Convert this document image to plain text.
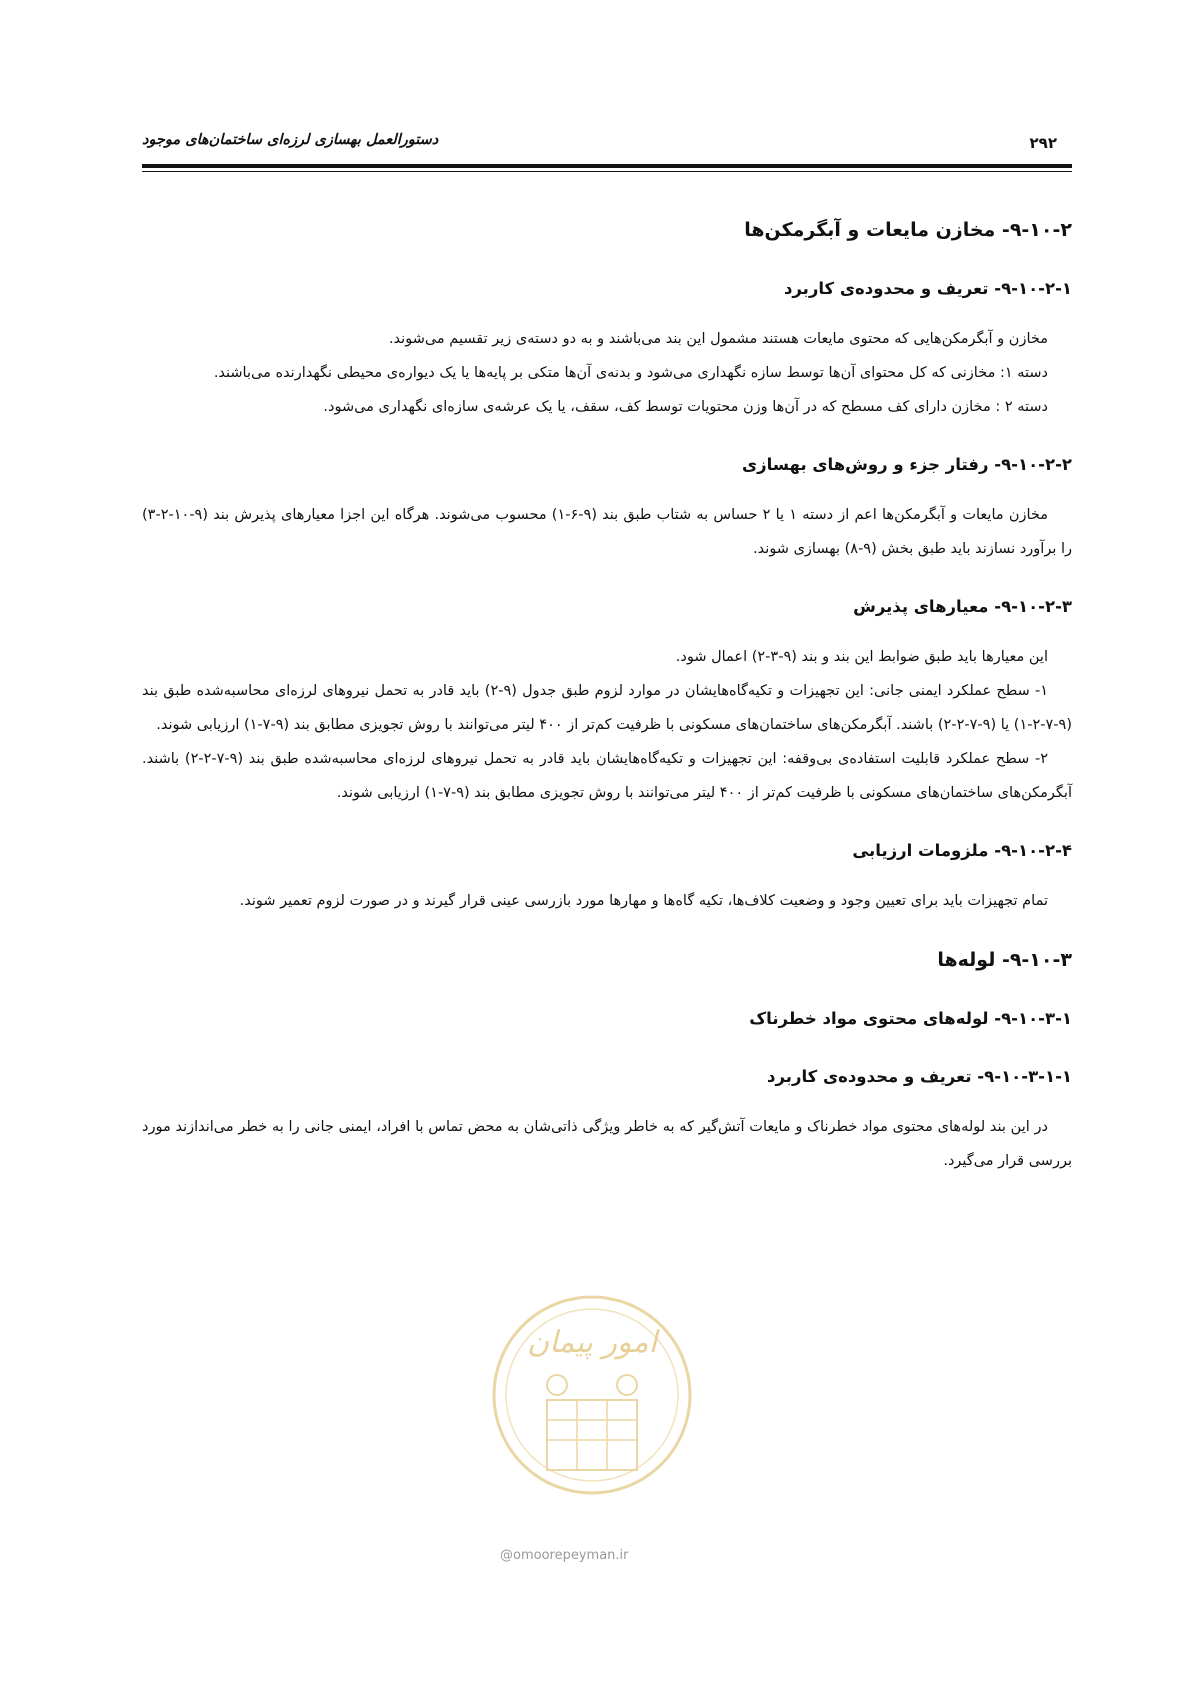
دستورالعمل بهسازی لرزه‌ای ساختمان‌های موجود	۲۹۲
۹-۱۰-۲- مخازن مایعات و آبگرمکن‌ها
۹-۱۰-۲-۱- تعریف و محدوده‌ی کاربرد

مخازن و آبگرمکن‌هایی که محتوی مایعات هستند مشمول این بند می‌باشند و به دو دسته‌ی زیر تقسیم می‌شوند.

دسته ۱: مخازنی که کل محتوای آن‌ها توسط سازه نگهداری می‌شود و بدنه‌ی آن‌ها متکی بر پایه‌ها یا یک دیواره‌ی محیطی نگهدارنده می‌باشند.

دسته ۲ : مخازن دارای کف مسطح که در آن‌ها وزن محتویات توسط کف، سقف، یا یک عرشه‌ی سازه‌ای نگهداری می‌شود.

۹-۱۰-۲-۲- رفتار جزء و روش‌های بهسازی

مخازن مایعات و آبگرمکن‌ها اعم از دسته ۱ یا ۲ حساس به شتاب طبق بند (۹-۶-۱) محسوب می‌شوند. هرگاه این اجزا معیارهای پذیرش بند (۹-۱۰-۲-۳) را برآورد نسازند باید طبق بخش (۹-۸) بهسازی شوند.

۹-۱۰-۲-۳- معیارهای پذیرش

این معیارها باید طبق ضوابط این بند و بند (۹-۳-۲) اعمال شود.

۱- سطح عملکرد ایمنی جانی: این تجهیزات و تکیه‌گاه‌هایشان در موارد لزوم طبق جدول (۹-۲) باید قادر به تحمل نیروهای لرزه‌ای محاسبه‌شده طبق بند (۹-۷-۲-۱) یا (۹-۷-۲-۲) باشند. آبگرمکن‌های ساختمان‌های مسکونی با ظرفیت کم‌تر از ۴۰۰ لیتر می‌توانند با روش تجویزی مطابق بند (۹-۷-۱) ارزیابی شوند.

۲- سطح عملکرد قابلیت استفاده‌ی بی‌وقفه: این تجهیزات و تکیه‌گاه‌هایشان باید قادر به تحمل نیروهای لرزه‌ای محاسبه‌شده طبق بند (۹-۷-۲-۲) باشند. آبگرمکن‌های ساختمان‌های مسکونی با ظرفیت کم‌تر از ۴۰۰ لیتر می‌توانند با روش تجویزی مطابق بند (۹-۷-۱) ارزیابی شوند.

۹-۱۰-۲-۴- ملزومات ارزیابی

تمام تجهیزات باید برای تعیین وجود و وضعیت کلاف‌ها، تکیه گاه‌ها و مهارها مورد بازرسی عینی قرار گیرند و در صورت لزوم تعمیر شوند.

۹-۱۰-۳- لوله‌ها
۹-۱۰-۳-۱- لوله‌های محتوی مواد خطرناک
۹-۱۰-۳-۱-۱- تعریف و محدوده‌ی کاربرد

در این بند لوله‌های محتوی مواد خطرناک و مایعات آتش‌گیر که به خاطر ویژگی ذاتی‌شان به محض تماس با افراد، ایمنی جانی را به خطر می‌اندازند مورد بررسی قرار می‌گیرد.

امور پیمان
@omoorepeyman.ir
